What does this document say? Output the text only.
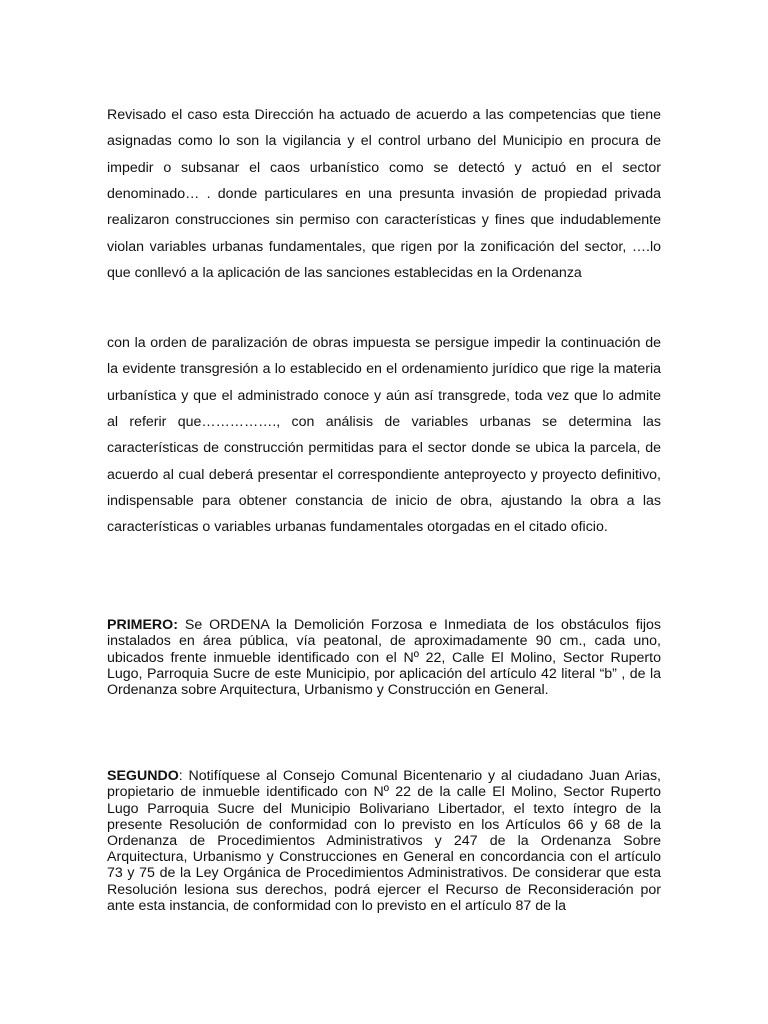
Revisado el caso esta Dirección ha actuado de acuerdo a las competencias que tiene asignadas como lo son la vigilancia y el control urbano del Municipio en procura de impedir o subsanar el caos urbanístico como se detectó y actuó en el sector denominado… . donde particulares en una presunta invasión de propiedad privada realizaron construcciones sin permiso con características y fines que indudablemente violan variables urbanas fundamentales, que rigen por la zonificación del sector, ….lo que conllevó a la aplicación de las sanciones establecidas en la Ordenanza

con la orden de paralización de obras impuesta se persigue impedir la continuación de la evidente transgresión a lo establecido en el ordenamiento jurídico que rige la materia urbanística y que el administrado conoce y aún así transgrede, toda vez que lo admite al referir que……………., con análisis de variables urbanas se determina las características de construcción permitidas para el sector donde se ubica la parcela, de acuerdo al cual deberá presentar el correspondiente anteproyecto y proyecto definitivo, indispensable para obtener constancia de inicio de obra, ajustando la obra a las características o variables urbanas fundamentales otorgadas en el citado oficio.

PRIMERO: Se ORDENA la Demolición Forzosa e Inmediata de los obstáculos fijos instalados en área pública, vía peatonal, de aproximadamente 90 cm., cada uno, ubicados frente inmueble identificado con el Nº 22, Calle El Molino, Sector Ruperto Lugo, Parroquia Sucre de este Municipio, por aplicación del artículo 42 literal “b” , de la Ordenanza sobre Arquitectura, Urbanismo y Construcción en General.

SEGUNDO: Notifíquese al Consejo Comunal Bicentenario y al ciudadano Juan Arias, propietario de inmueble identificado con Nº 22 de la calle El Molino, Sector Ruperto Lugo Parroquia Sucre del Municipio Bolivariano Libertador, el texto íntegro de la presente Resolución de conformidad con lo previsto en los Artículos 66 y 68 de la Ordenanza de Procedimientos Administrativos y 247 de la Ordenanza Sobre Arquitectura, Urbanismo y Construcciones en General en concordancia con el artículo 73 y 75 de la Ley Orgánica de Procedimientos Administrativos. De considerar que esta Resolución lesiona sus derechos, podrá ejercer el Recurso de Reconsideración por ante esta instancia, de conformidad con lo previsto en el artículo 87 de la
